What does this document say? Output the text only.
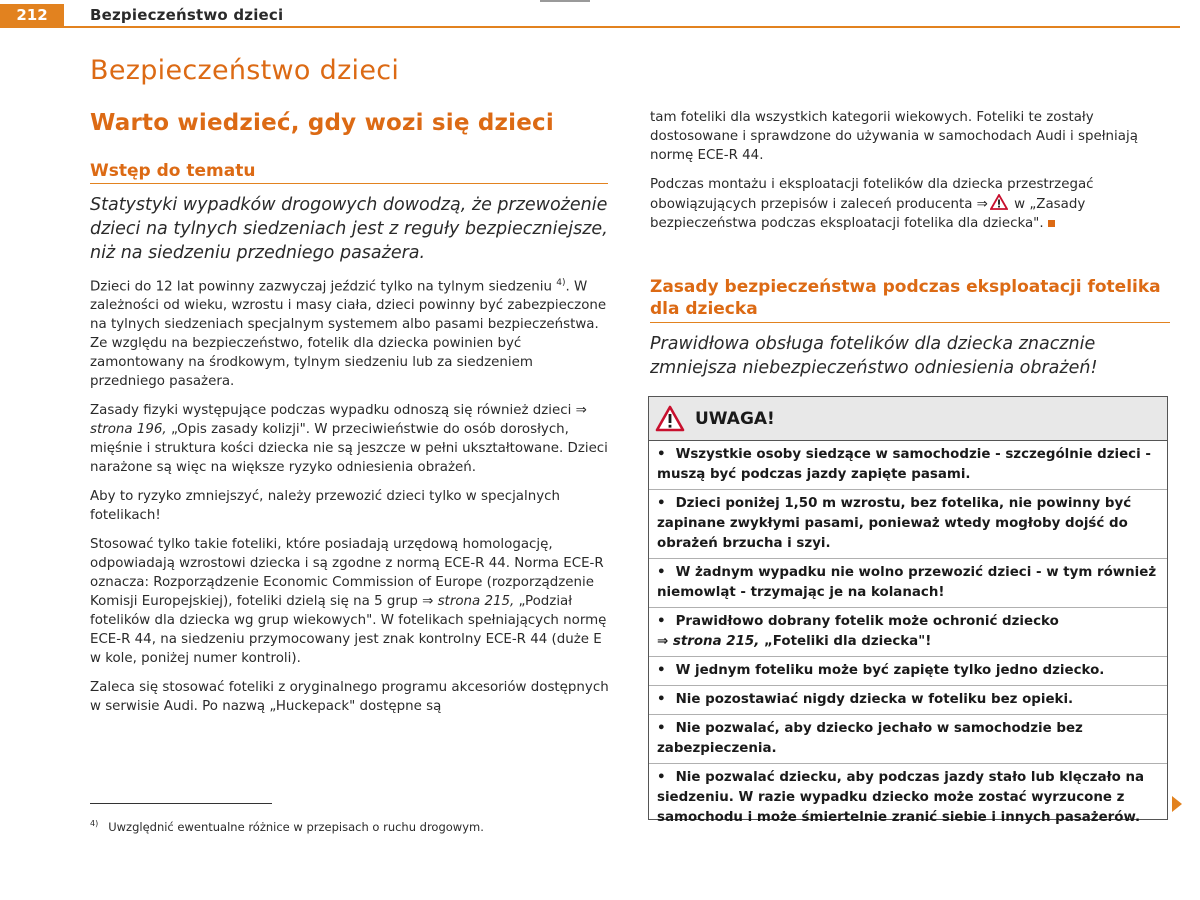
212	Bezpieczeństwo dzieci
Bezpieczeństwo dzieci
Warto wiedzieć, gdy wozi się dzieci
Wstęp do tematu

Statystyki wypadków drogowych dowodzą, że przewożenie dzieci na tylnych siedzeniach jest z reguły bezpieczniejsze, niż na siedzeniu przedniego pasażera.

Dzieci do 12 lat powinny zazwyczaj jeździć tylko na tylnym siedzeniu $^{4)}$. W zależności od wieku, wzrostu i masy ciała, dzieci powinny być zabezpieczone na tylnych siedzeniach specjalnym systemem albo pasami bezpieczeństwa. Ze względu na bezpieczeństwo, fotelik dla dziecka powinien być zamontowany na środkowym, tylnym siedzeniu lub za siedzeniem przedniego pasażera.

Zasady fizyki występujące podczas wypadku odnoszą się również dzieci ⇒ strona 196, „Opis zasady kolizji". W przeciwieństwie do osób dorosłych, mięśnie i struktura kości dziecka nie są jeszcze w pełni ukształtowane. Dzieci narażone są więc na większe ryzyko odniesienia obrażeń.

Aby to ryzyko zmniejszyć, należy przewozić dzieci tylko w specjalnych fotelikach!

Stosować tylko takie foteliki, które posiadają urzędową homologację, odpowiadają wzrostowi dziecka i są zgodne z normą ECE-R 44. Norma ECE-R oznacza: Rozporządzenie Economic Commission of Europe (rozporządzenie Komisji Europejskiej), foteliki dzielą się na 5 grup ⇒ strona 215, „Podział fotelików dla dziecka wg grup wiekowych". W fotelikach spełniających normę ECE-R 44, na siedzeniu przymocowany jest znak kontrolny ECE-R 44 (duże E w kole, poniżej numer kontroli).

Zaleca się stosować foteliki z oryginalnego programu akcesoriów dostępnych w serwisie Audi. Po nazwą „Huckepack" dostępne są

$^{4)}$ Uwzględnić ewentualne różnice w przepisach o ruchu drogowym.

tam foteliki dla wszystkich kategorii wiekowych. Foteliki te zostały dostosowane i sprawdzone do używania w samochodach Audi i spełniają normę ECE-R 44.

Podczas montażu i eksploatacji fotelików dla dziecka przestrzegać obowiązujących przepisów i zaleceń producenta ⇒ w „Zasady bezpieczeństwa podczas eksploatacji fotelika dla dziecka".

Zasady bezpieczeństwa podczas eksploatacji fotelika dla dziecka

Prawidłowa obsługa fotelików dla dziecka znacznie zmniejsza niebezpieczeństwo odniesienia obrażeń!

UWAGA!
• Wszystkie osoby siedzące w samochodzie - szczególnie dzieci - muszą być podczas jazdy zapięte pasami.
• Dzieci poniżej 1,50 m wzrostu, bez fotelika, nie powinny być zapinane zwykłymi pasami, ponieważ wtedy mogłoby dojść do obrażeń brzucha i szyi.
• W żadnym wypadku nie wolno przewozić dzieci - w tym również niemowląt - trzymając je na kolanach!
• Prawidłowo dobrany fotelik może ochronić dziecko
⇒ strona 215, „Foteliki dla dziecka"!
• W jednym foteliku może być zapięte tylko jedno dziecko.
• Nie pozostawiać nigdy dziecka w foteliku bez opieki.
• Nie pozwalać, aby dziecko jechało w samochodzie bez zabezpieczenia.
• Nie pozwalać dziecku, aby podczas jazdy stało lub klęczało na siedzeniu. W razie wypadku dziecko może zostać wyrzucone z samochodu i może śmiertelnie zranić siebie i innych pasażerów.
